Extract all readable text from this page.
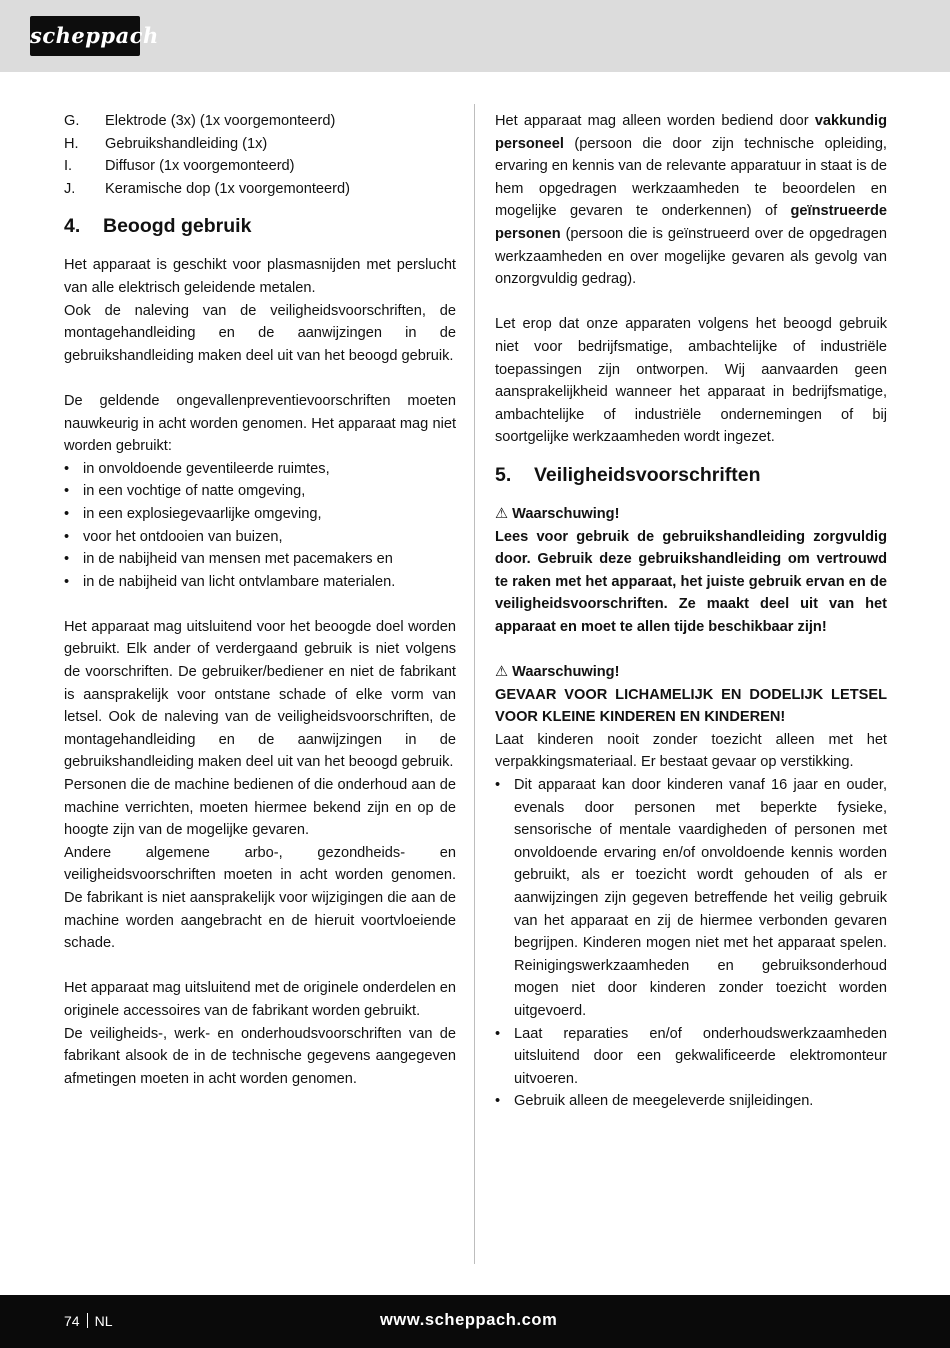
scheppach
G.	Elektrode (3x) (1x voorgemonteerd)
H.	Gebruikshandleiding (1x)
I.	Diffusor (1x voorgemonteerd)
J.	Keramische dop (1x voorgemonteerd)
4.	Beoogd gebruik

Het apparaat is geschikt voor plasmasnijden met perslucht van alle elektrisch geleidende metalen.

Ook de naleving van de veiligheidsvoorschriften, de montagehandleiding en de aanwijzingen in de gebruikshandleiding maken deel uit van het beoogd gebruik.

De geldende ongevallenpreventievoorschriften moeten nauwkeurig in acht worden genomen. Het apparaat mag niet worden gebruikt:

• in onvoldoende geventileerde ruimtes,
• in een vochtige of natte omgeving,
• in een explosiegevaarlijke omgeving,
• voor het ontdooien van buizen,
• in de nabijheid van mensen met pacemakers en
• in de nabijheid van licht ontvlambare materialen.

Het apparaat mag uitsluitend voor het beoogde doel worden gebruikt. Elk ander of verdergaand gebruik is niet volgens de voorschriften. De gebruiker/bediener en niet de fabrikant is aansprakelijk voor ontstane schade of elke vorm van letsel. Ook de naleving van de veiligheidsvoorschriften, de montagehandleiding en de aanwijzingen in de gebruikshandleiding maken deel uit van het beoogd gebruik.

Personen die de machine bedienen of die onderhoud aan de machine verrichten, moeten hiermee bekend zijn en op de hoogte zijn van de mogelijke gevaren.

Andere algemene arbo-, gezondheids- en veiligheidsvoorschriften moeten in acht worden genomen. De fabrikant is niet aansprakelijk voor wijzigingen die aan de machine worden aangebracht en de hieruit voortvloeiende schade.

Het apparaat mag uitsluitend met de originele onderdelen en originele accessoires van de fabrikant worden gebruikt.

De veiligheids-, werk- en onderhoudsvoorschriften van de fabrikant alsook de in de technische gegevens aangegeven afmetingen moeten in acht worden genomen.

Het apparaat mag alleen worden bediend door vakkundig personeel (persoon die door zijn technische opleiding, ervaring en kennis van de relevante apparatuur in staat is de hem opgedragen werkzaamheden te beoordelen en mogelijke gevaren te onderkennen) of geïnstrueerde personen (persoon die is geïnstrueerd over de opgedragen werkzaamheden en over mogelijke gevaren als gevolg van onzorgvuldig gedrag).

Let erop dat onze apparaten volgens het beoogd gebruik niet voor bedrijfsmatige, ambachtelijke of industriële toepassingen zijn ontworpen. Wij aanvaarden geen aansprakelijkheid wanneer het apparaat in bedrijfsmatige, ambachtelijke of industriële ondernemingen of bij soortgelijke werkzaamheden wordt ingezet.

5.	Veiligheidsvoorschriften
⚠ Waarschuwing!

Lees voor gebruik de gebruikshandleiding zorgvuldig door. Gebruik deze gebruikshandleiding om vertrouwd te raken met het apparaat, het juiste gebruik ervan en de veiligheidsvoorschriften. Ze maakt deel uit van het apparaat en moet te allen tijde beschikbaar zijn!

⚠ Waarschuwing!

GEVAAR VOOR LICHAMELIJK EN DODELIJK LETSEL VOOR KLEINE KINDEREN EN KINDEREN!

Laat kinderen nooit zonder toezicht alleen met het verpakkingsmateriaal. Er bestaat gevaar op verstikking.

• Dit apparaat kan door kinderen vanaf 16 jaar en ouder, evenals door personen met beperkte fysieke, sensorische of mentale vaardigheden of personen met onvoldoende ervaring en/of onvoldoende kennis worden gebruikt, als er toezicht wordt gehouden of als er aanwijzingen zijn gegeven betreffende het veilig gebruik van het apparaat en zij de hiermee verbonden gevaren begrijpen. Kinderen mogen niet met het apparaat spelen. Reinigingswerkzaamheden en gebruiksonderhoud mogen niet door kinderen zonder toezicht worden uitgevoerd.
• Laat reparaties en/of onderhoudswerkzaamheden uitsluitend door een gekwalificeerde elektromonteur uitvoeren.
• Gebruik alleen de meegeleverde snijleidingen.
74 NL	www.scheppach.com
